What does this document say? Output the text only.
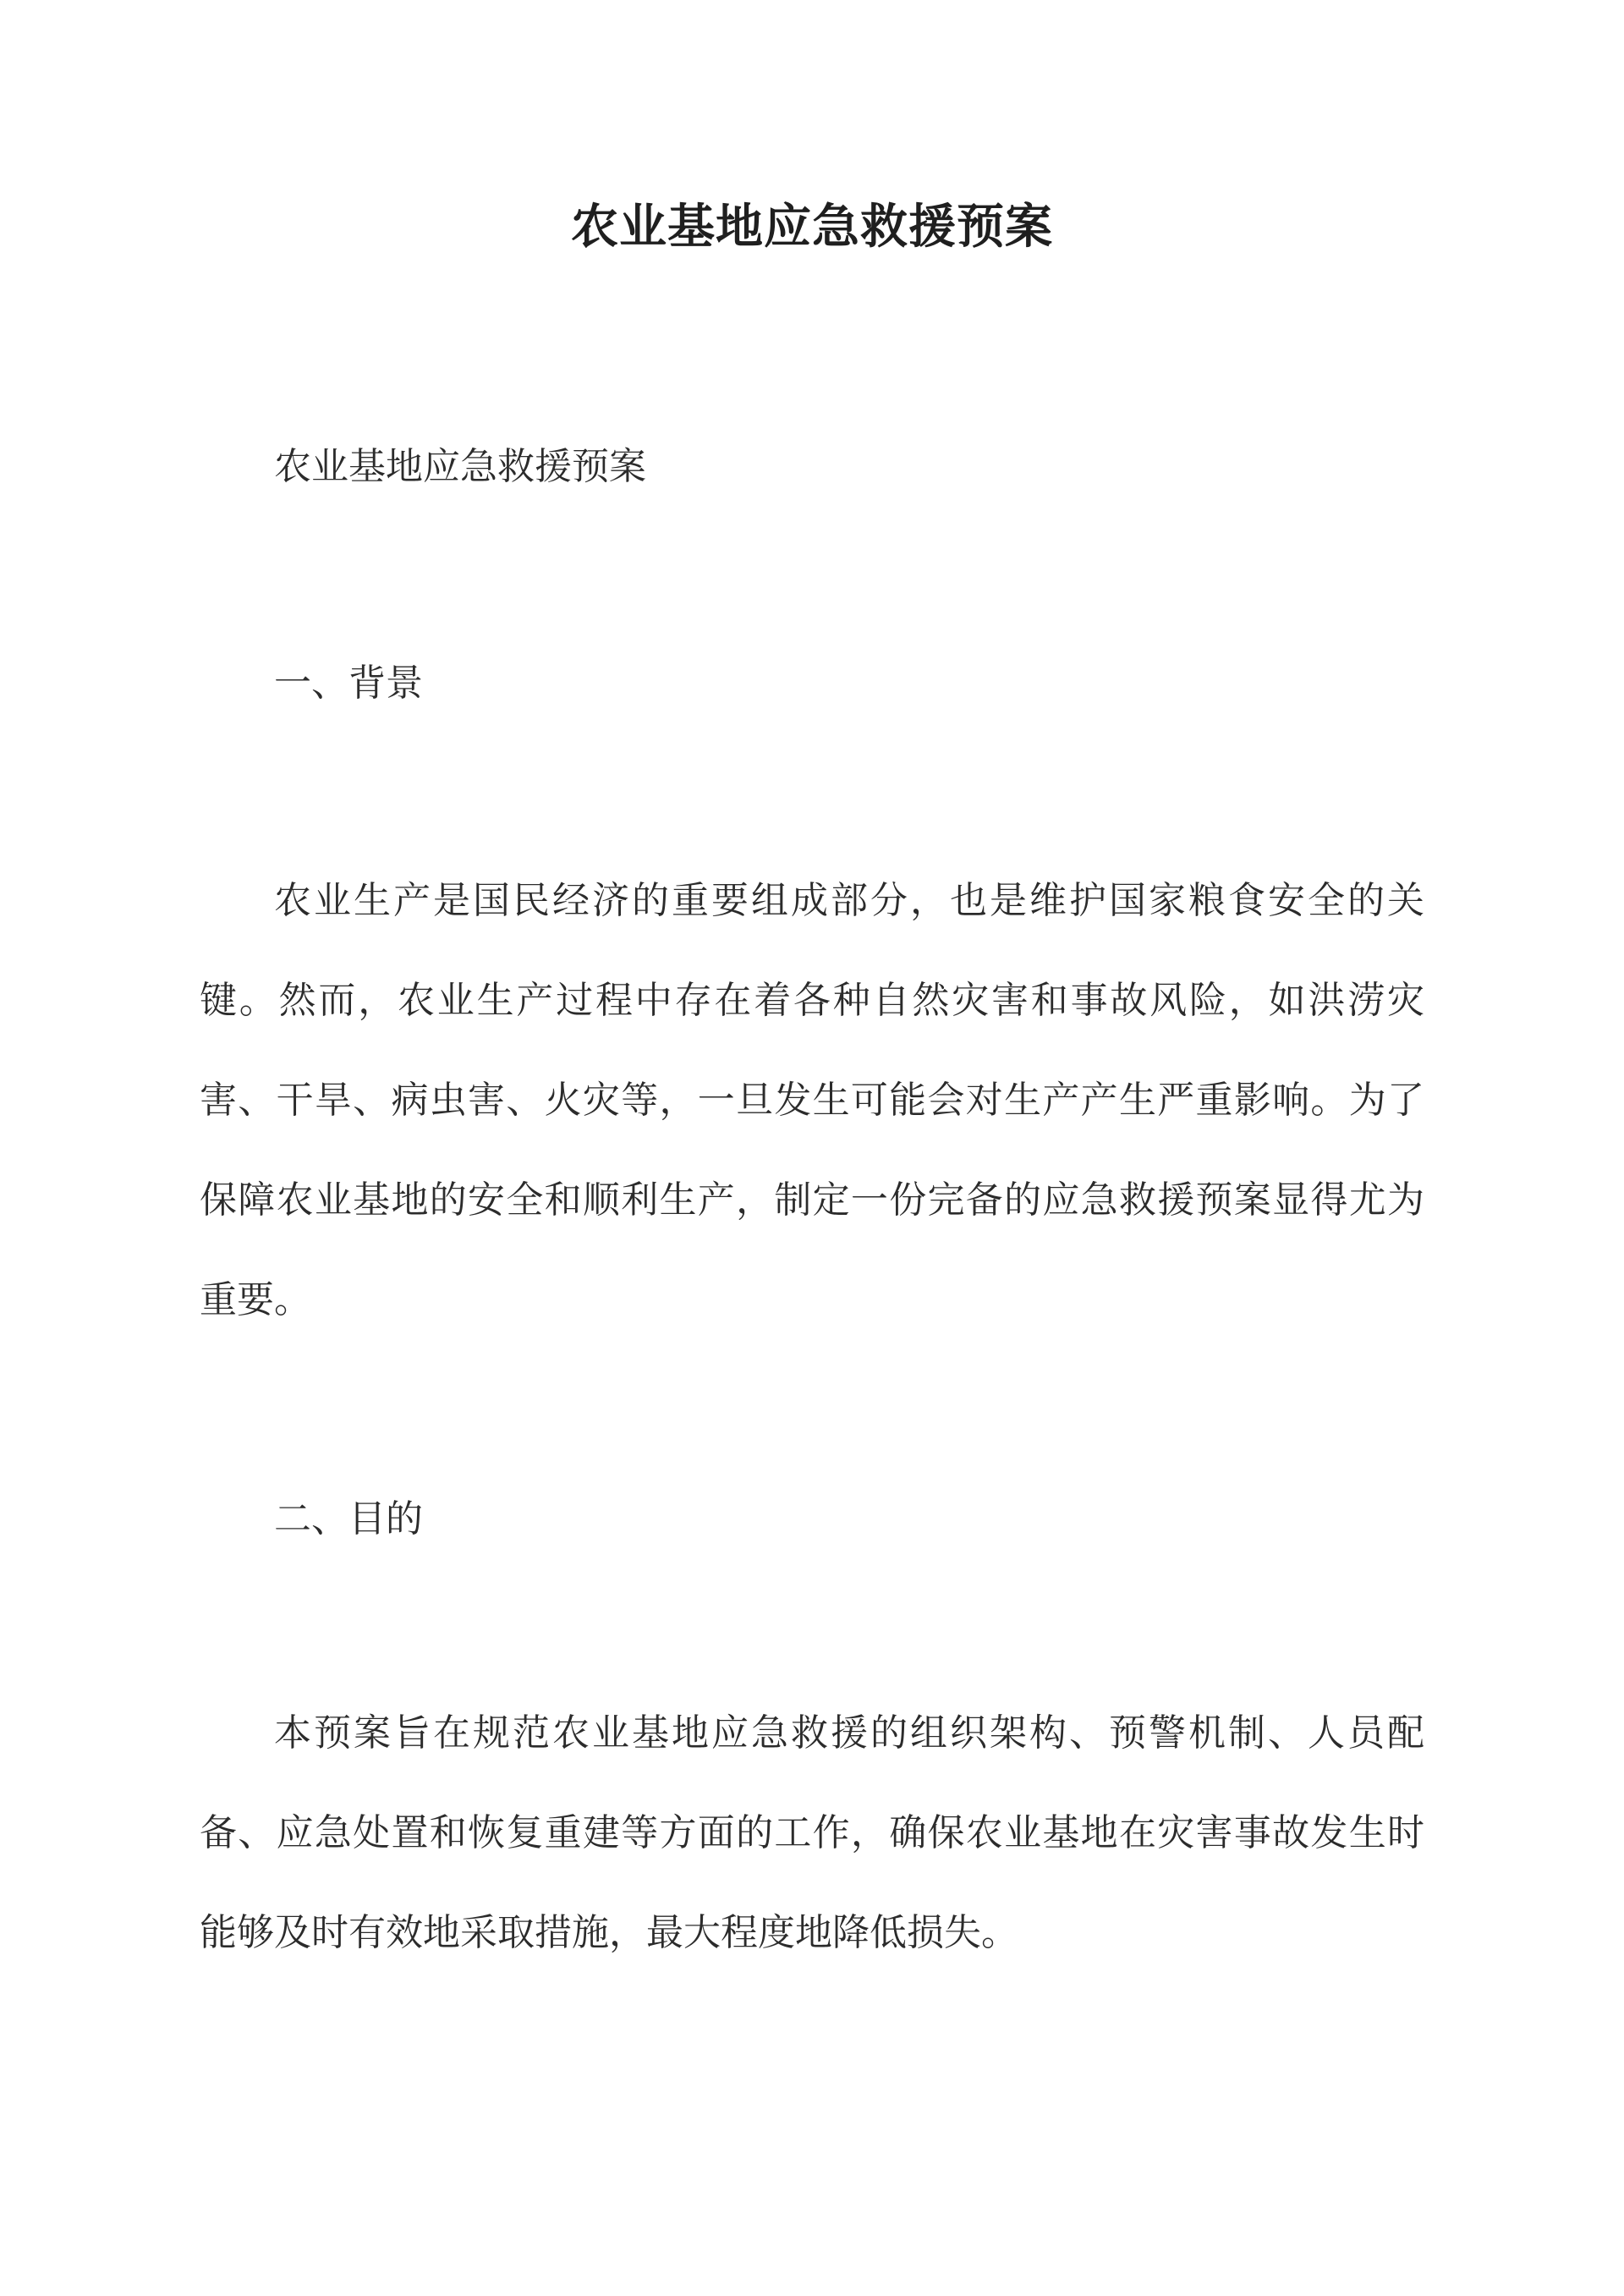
农业基地应急救援预案

农业基地应急救援预案

一、背景

农业生产是国民经济的重要组成部分，也是维护国家粮食安全的关键。然而，农业生产过程中存在着各种自然灾害和事故风险，如洪涝灾害、干旱、病虫害、火灾等，一旦发生可能会对生产产生严重影响。为了保障农业基地的安全和顺利生产，制定一份完备的应急救援预案显得尤为重要。

二、目的

本预案旨在规范农业基地应急救援的组织架构、预警机制、人员配备、应急处置和恢复重建等方面的工作，确保农业基地在灾害事故发生时能够及时有效地采取措施，最大程度地降低损失。
